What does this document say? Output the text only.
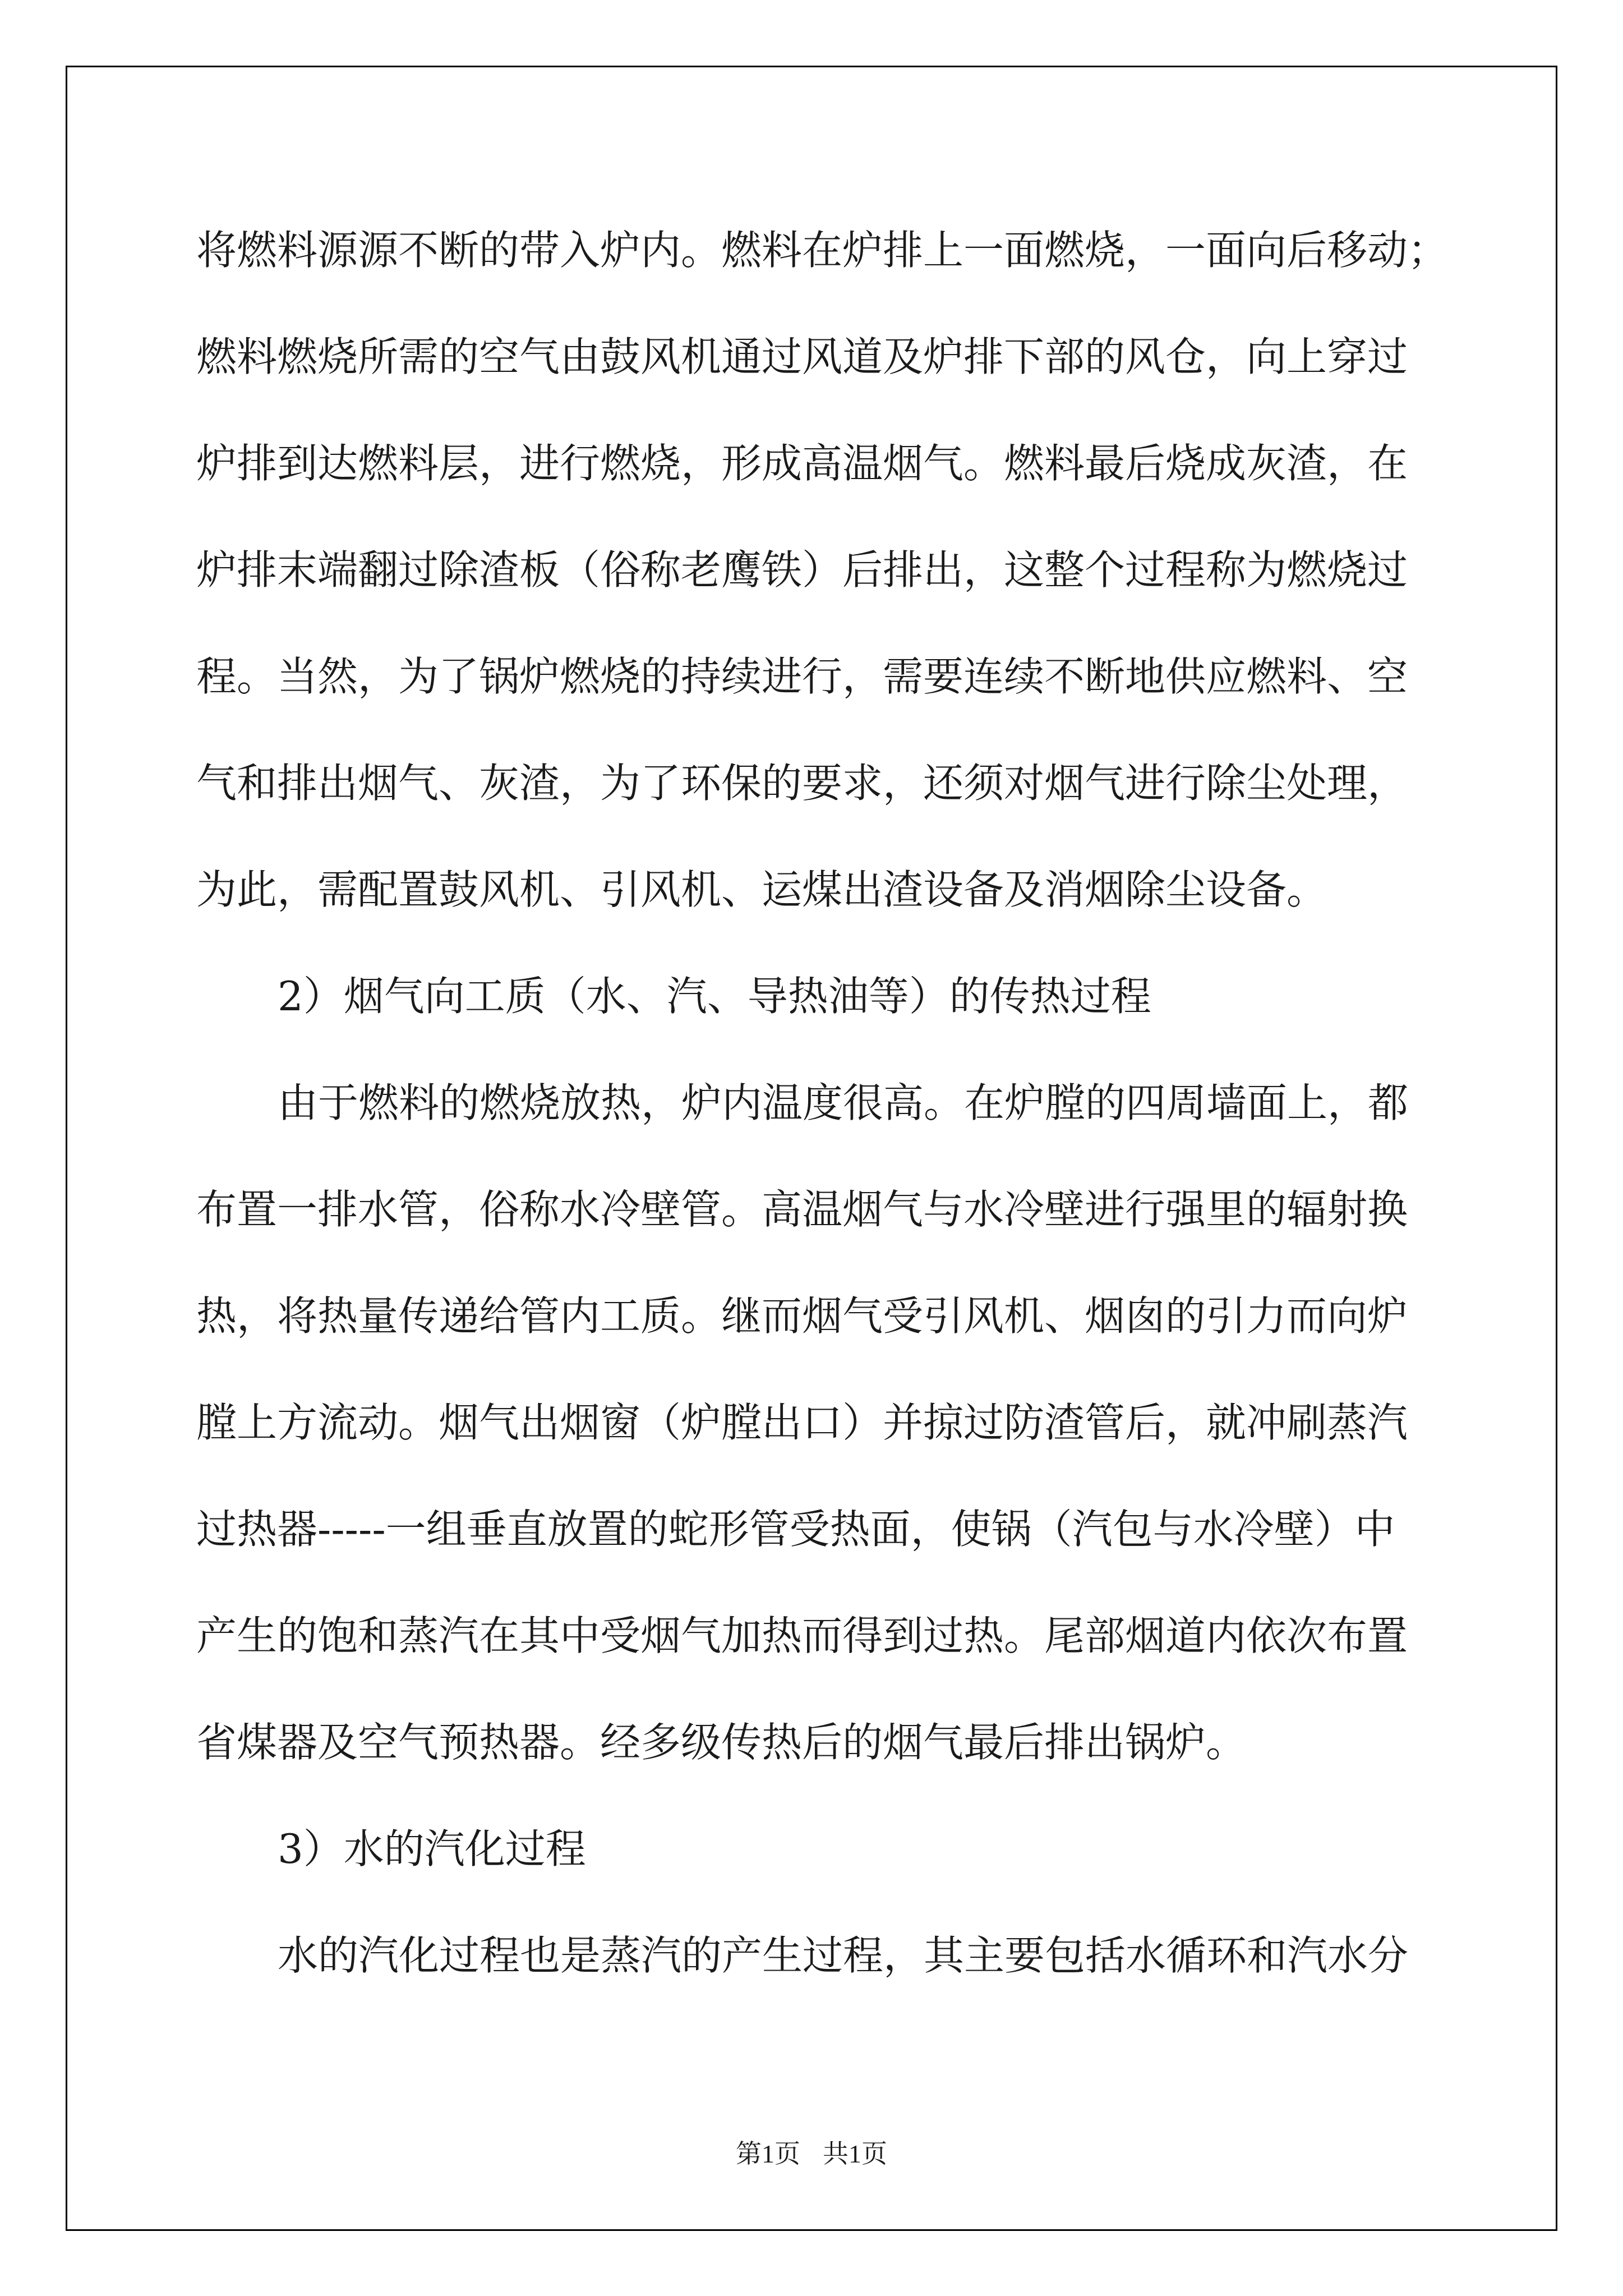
将燃料源源不断的带入炉内。燃料在炉排上一面燃烧，一面向后移动；

燃料燃烧所需的空气由鼓风机通过风道及炉排下部的风仓，向上穿过

炉排到达燃料层，进行燃烧，形成高温烟气。燃料最后烧成灰渣，在

炉排末端翻过除渣板（俗称老鹰铁）后排出，这整个过程称为燃烧过

程。当然，为了锅炉燃烧的持续进行，需要连续不断地供应燃料、空

气和排出烟气、灰渣，为了环保的要求，还须对烟气进行除尘处理，

为此，需配置鼓风机、引风机、运煤出渣设备及消烟除尘设备。

2）烟气向工质（水、汽、导热油等）的传热过程

由于燃料的燃烧放热，炉内温度很高。在炉膛的四周墙面上，都

布置一排水管，俗称水冷壁管。高温烟气与水冷壁进行强里的辐射换

热，将热量传递给管内工质。继而烟气受引风机、烟囱的引力而向炉

膛上方流动。烟气出烟窗（炉膛出口）并掠过防渣管后，就冲刷蒸汽

过热器-----一组垂直放置的蛇形管受热面，使锅（汽包与水冷壁）中

产生的饱和蒸汽在其中受烟气加热而得到过热。尾部烟道内依次布置

省煤器及空气预热器。经多级传热后的烟气最后排出锅炉。

3）水的汽化过程

水的汽化过程也是蒸汽的产生过程，其主要包括水循环和汽水分

第1页 共1页
